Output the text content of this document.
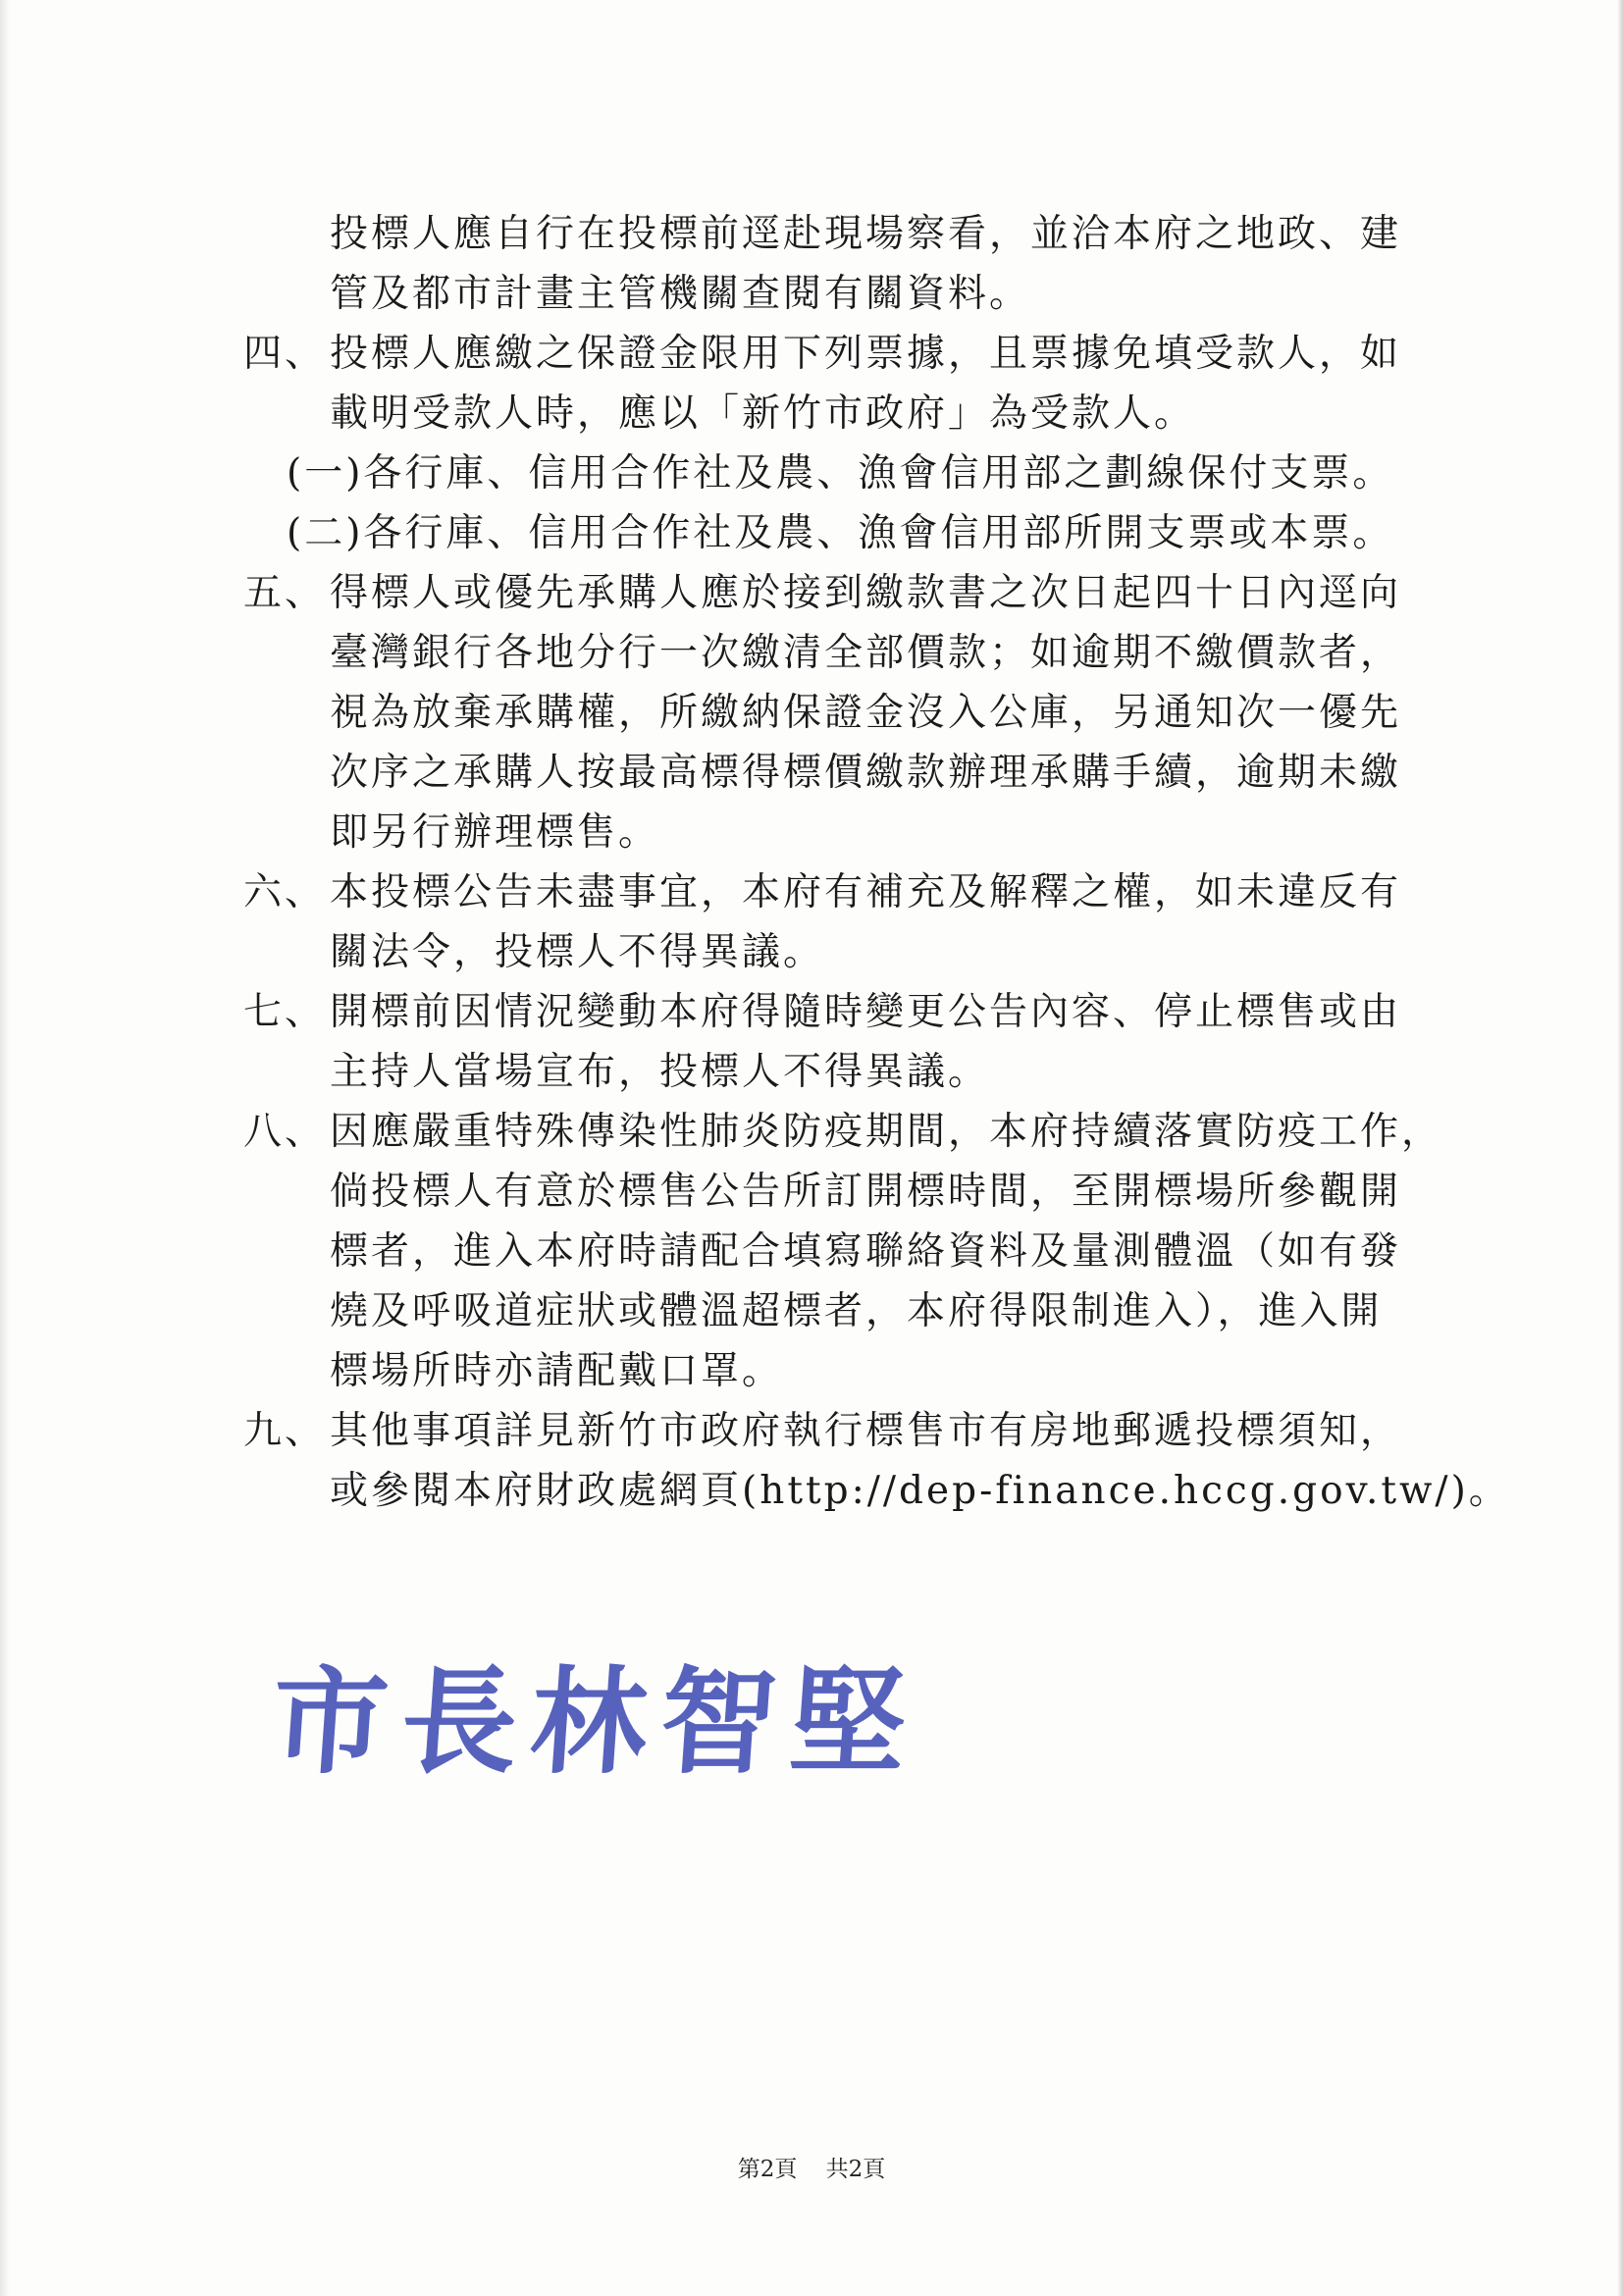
投標人應自行在投標前逕赴現場察看，並洽本府之地政、建
管及都市計畫主管機關查閱有關資料。
四、 投標人應繳之保證金限用下列票據，且票據免填受款人，如
載明受款人時，應以「新竹市政府」為受款人。
(一)各行庫、信用合作社及農、漁會信用部之劃線保付支票。
(二)各行庫、信用合作社及農、漁會信用部所開支票或本票。
五、 得標人或優先承購人應於接到繳款書之次日起四十日內逕向
臺灣銀行各地分行一次繳清全部價款；如逾期不繳價款者，
視為放棄承購權，所繳納保證金沒入公庫，另通知次一優先
次序之承購人按最高標得標價繳款辦理承購手續，逾期未繳
即另行辦理標售。
六、 本投標公告未盡事宜，本府有補充及解釋之權，如未違反有
關法令，投標人不得異議。
七、 開標前因情況變動本府得隨時變更公告內容、停止標售或由
主持人當場宣布，投標人不得異議。
八、 因應嚴重特殊傳染性肺炎防疫期間，本府持續落實防疫工作，
倘投標人有意於標售公告所訂開標時間，至開標場所參觀開
標者，進入本府時請配合填寫聯絡資料及量測體溫（如有發
燒及呼吸道症狀或體溫超標者，本府得限制進入），進入開
標場所時亦請配戴口罩。
九、 其他事項詳見新竹市政府執行標售市有房地郵遞投標須知，
或參閱本府財政處網頁(http://dep-finance.hccg.gov.tw/)。
市長林智堅
第2頁 共2頁
